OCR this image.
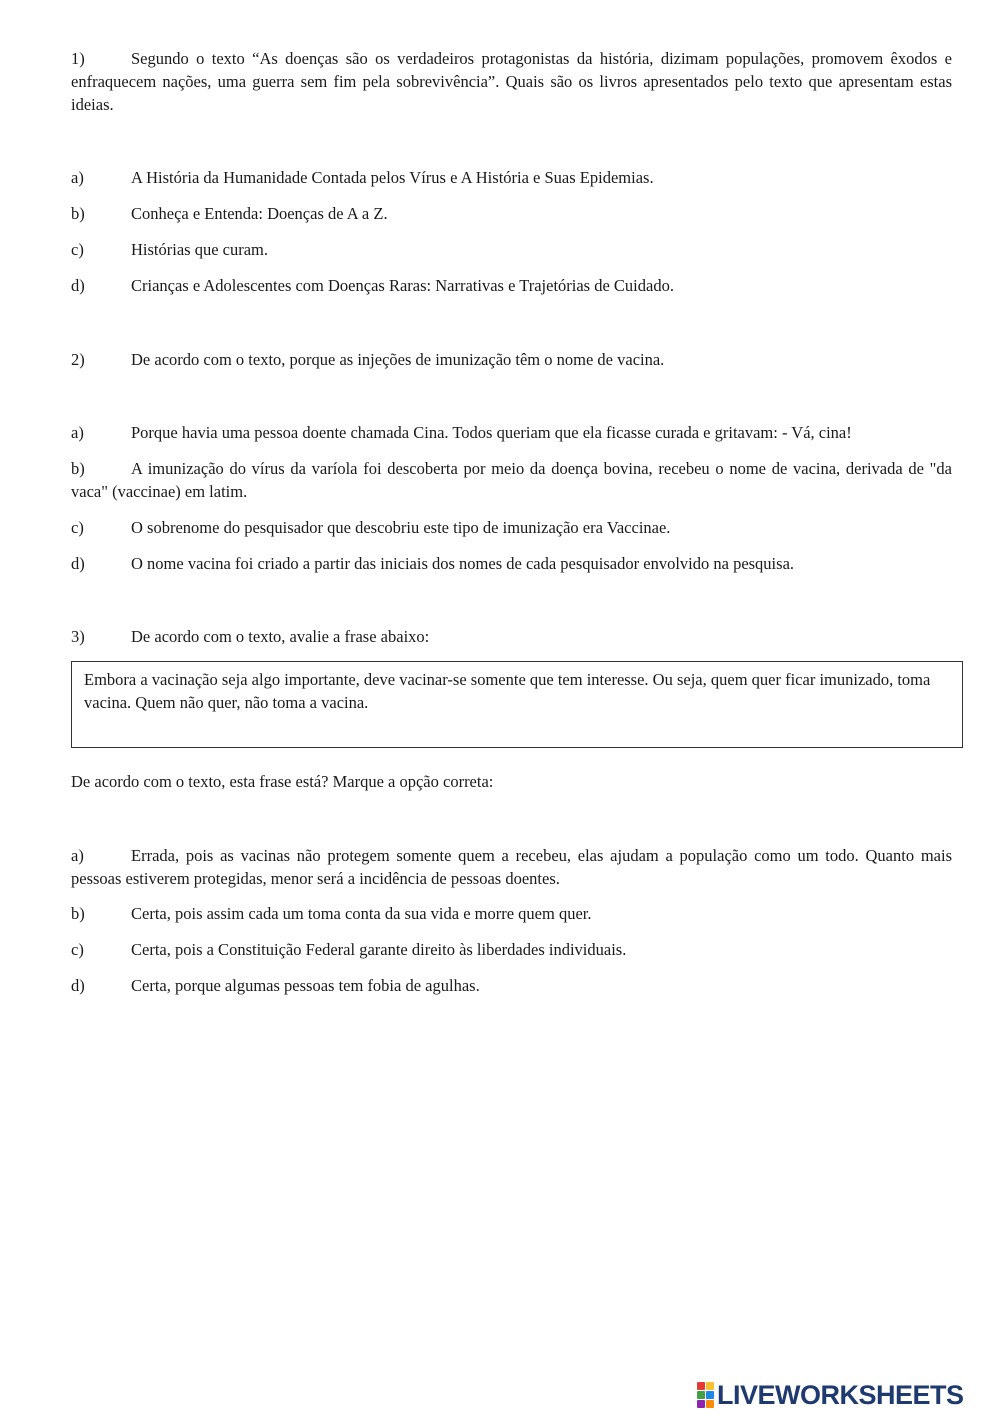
1)	Segundo o texto “As doenças são os verdadeiros protagonistas da história, dizimam populações, promovem êxodos e enfraquecem nações, uma guerra sem fim pela sobrevivência”. Quais são os livros apresentados pelo texto que apresentam estas ideias.

a)	A História da Humanidade Contada pelos Vírus e A História e Suas Epidemias.

b)	Conheça e Entenda: Doenças de A a Z.

c)	Histórias que curam.

d)	Crianças e Adolescentes com Doenças Raras: Narrativas e Trajetórias de Cuidado.

2)	De acordo com o texto, porque as injeções de imunização têm o nome de vacina.

a)	Porque havia uma pessoa doente chamada Cina. Todos queriam que ela ficasse curada e gritavam: - Vá, cina!

b)	A imunização do vírus da varíola foi descoberta por meio da doença bovina, recebeu o nome de vacina, derivada de "da vaca" (vaccinae) em latim.

c)	O sobrenome do pesquisador que descobriu este tipo de imunização era Vaccinae.

d)	O nome vacina foi criado a partir das iniciais dos nomes de cada pesquisador envolvido na pesquisa.

3)	De acordo com o texto, avalie a frase abaixo:

Embora a vacinação seja algo importante, deve vacinar-se somente que tem interesse. Ou seja, quem quer ficar imunizado, toma vacina. Quem não quer, não toma a vacina.

De acordo com o texto, esta frase está? Marque a opção correta:

a)	Errada, pois as vacinas não protegem somente quem a recebeu, elas ajudam a população como um todo. Quanto mais pessoas estiverem protegidas, menor será a incidência de pessoas doentes.

b)	Certa, pois assim cada um toma conta da sua vida e morre quem quer.

c)	Certa, pois a Constituição Federal garante direito às liberdades individuais.

d)	Certa, porque algumas pessoas tem fobia de agulhas.

LIVEWORKSHEETS
